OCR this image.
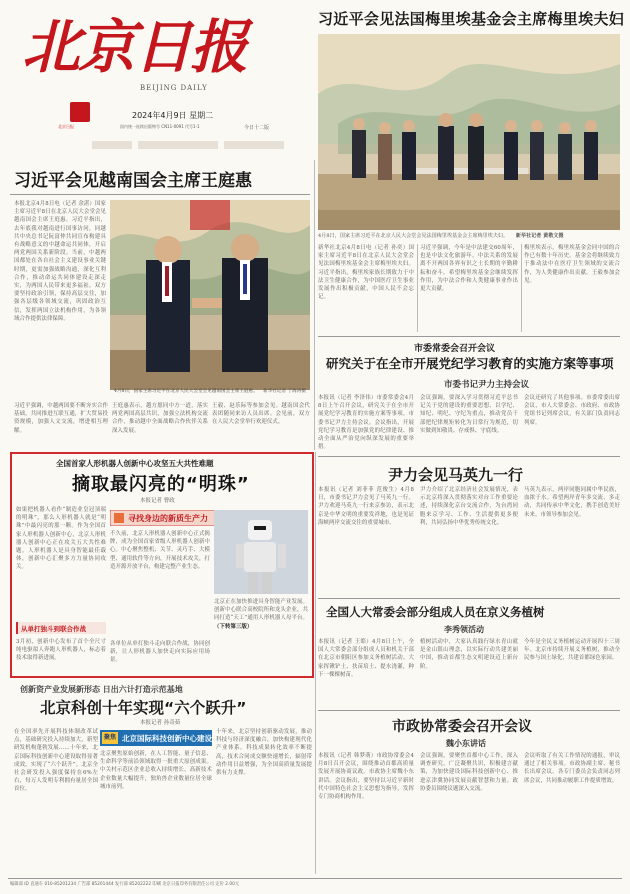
北京日报
BEIJING DAILY
北京日报
2024年4月9日 星期二
国内统一连续出版物号 CN11-0091 代号1-1	今日十二版
习近平会见法国梅里埃基金会主席梅里埃夫妇
4月8日，国家主席习近平在北京人民大会堂会见法国梅里埃基金会主席梅里埃夫妇。 新华社记者 黄敬文摄
习近平会见越南国会主席王庭惠
本报北京4月8日电（记者 余湛）国家主席习近平8日在北京人民大会堂会见越南国会主席王庭惠。习近平指出，去年底我对越南进行国事访问，同越共中央总书记阮富仲共同宣布构建具有战略意义的中越命运共同体，开启两党两国关系新阶段。当前，中越两国都处在各自社会主义建设事业关键时期，更需加强战略沟通，深化互利合作，推动命运共同体建设走深走实，为两国人民带来更多福祉。双方要坚持政治引领，保持高层交往，加强各层级各领域交流，巩固政治互信，发挥两国立法机构作用，为各领域合作提供法律保障。
4月8日，国家主席习近平在北京人民大会堂会见越南国会主席王庭惠。 新华社记者 丁海涛摄
习近平强调，中越两国要不断夯实合作基础，共同推进互联互通，扩大贸易投资规模，加强人文交流，增进相互理解。
王庭惠表示，越方愿同中方一道，落实两党两国高层共识，加强立法机构交流合作，推动越中全面战略合作伙伴关系深入发展。
王毅、赵乐际等参加会见。越南国会代表团随同来访人员出席。会见前，双方在人民大会堂举行欢迎仪式。
新华社北京4月8日电（记者 孙奕）国家主席习近平8日在北京人民大会堂会见法国梅里埃基金会主席梅里埃夫妇。习近平指出，梅里埃家族长期致力于中法卫生健康合作，为中国医疗卫生事业发展作出积极贡献，中国人民不会忘记。
习近平强调，今年是中法建交60周年，也是中法文化旅游年。中法关系的发展离不开两国各界有识之士长期的辛勤耕耘和奋斗。希望梅里埃基金会继续发挥作用，为中法合作和人类健康事业作出更大贡献。
梅里埃表示，梅里埃基金会同中国的合作已有数十年历史。基金会将继续致力于推动法中在医疗卫生领域的交流合作，为人类健康作出贡献。王毅参加会见。
市委常委会召开会议
研究关于在全市开展党纪学习教育的实施方案等事项
市委书记尹力主持会议
本报讯（记者 李泽伟）市委常委会4月8日上午召开会议，研究关于在全市开展党纪学习教育的实施方案等事项。市委书记尹力主持会议。会议指出，开展党纪学习教育是加强党的纪律建设、推动全面从严治党向纵深发展的重要举措。
会议强调，要深入学习贯彻习近平总书记关于党的建设的重要思想，以学纪、知纪、明纪、守纪为重点，推动党员干部把纪律规矩转化为日常行为规范，切实做到知敬畏、存戒惧、守底线。
会议还研究了其他事项。市委常委出席会议，市人大常委会、市政府、市政协党组书记列席会议，有关部门负责同志列席。
全国首家人形机器人创新中心攻坚五大共性难题
摘取最闪亮的“明珠”
本报记者 曹政
如果把机器人看作“制造业皇冠顶端的明珠”，那么人形机器人就是“明珠”中最闪亮的那一颗。作为全国首家人形机器人创新中心，北京人形机器人创新中心正在攻关五大共性难题。人形机器人是具身智能最佳载体，创新中心汇聚多方力量协同攻关。
寻找身边的新质生产力
不久前，北京人形机器人创新中心正式揭牌，成为全国首家省级人形机器人创新中心。中心聚焦整机、关节、灵巧手、大模型、通用软件等方向，开展技术攻关，打造开源开放平台，构建完整产业生态。
北京正在加快推进具身智能产业发展。创新中心联合高校院所和龙头企业，共同打造“天工”通用人形机器人母平台。 （下转第三版）
从单打独斗到联合作战
3月初，创新中心发布了首个全尺寸纯电驱拟人奔跑人形机器人，标志着技术取得新进展。
各单位从单打独斗走向联合作战，协同创新，让人形机器人加快走向实际应用场景。
尹力会见马英九一行
本报讯（记者 刘菲菲 范俊生）4月8日，市委书记尹力会见了马英九一行。尹力欢迎马英九一行来京参访，表示北京是中华文明的重要发祥地，也是见证海峡两岸交流交往的重要城市。
尹力介绍了北京经济社会发展情况，表示北京将深入贯彻落实对台工作重要论述，持续深化京台交流合作，为台湾同胞来京学习、工作、生活提供更多便利，共同弘扬中华优秀传统文化。
马英九表示，两岸同胞同属中华民族，血浓于水。希望两岸青年多交流、多走动，共同传承中华文化，携手创造美好未来。市领导参加会见。
全国人大常委会部分组成人员在京义务植树
李秀领活动
本报讯（记者 王皓）4月8日上午，全国人大常委会部分组成人员和机关干部在北京市朝阳区参加义务植树活动。大家挥锹铲土、扶苗培土、提水浇灌，种下一棵棵树苗。
植树活动中，大家认真践行绿水青山就是金山银山理念，以实际行动共建美丽中国，推动首都生态文明建设迈上新台阶。
今年是全民义务植树运动开展四十三周年。北京市持续开展义务植树，推动全民参与国土绿化，共建首都绿色家园。
市政协常委会召开会议
魏小东讲话
本报讯（记者 韩梦萌）市政协常委会4月8日召开会议，围绕推动首都高质量发展开展协商议政。市政协主席魏小东讲话。会议指出，要坚持以习近平新时代中国特色社会主义思想为指导，发挥专门协商机构作用。
会议强调，要聚焦首都中心工作，深入调查研究，广泛凝聚共识，积极建言献策，为加快建设国际科技创新中心、推进京津冀协同发展贡献智慧和力量。政协委员围绕议题深入交流。
会议听取了有关工作情况的通报，审议通过了相关事项。市政协副主席、秘书长出席会议。各专门委员会负责同志列席会议，共同推动履职工作提质增效。
创新资产业发展新形态 日出六计打造示范基地
北京科创十年实现“六个跃升”
本报记者 孙奇茹
在全国率先开展科技体制改革试点，基础研究投入持续加大，新型研发机构蓬勃发展……十年来，北京国际科技创新中心建设取得显著成效，实现了“六个跃升”。北京全社会研发投入强度保持在6%左右，每万人发明专利拥有量居全国首位。
聚焦 北京国际科技创新中心建设
北京聚焦原始创新，在人工智能、量子信息、生命科学等前沿领域取得一批重大原创成果。中关村示范区企业总收入持续增长，高新技术企业数量大幅提升，独角兽企业数量位居全球城市前列。
十年来，北京坚持创新驱动发展，推动科技与经济深度融合，加快构建现代化产业体系。科技成果转化效率不断提高，技术合同成交额快速增长，辐射带动作用日益增强，为全国高质量发展提供有力支撑。
编辑部 ID 直通车 010-85201234 广告部 85201444 发行部 85202222 印刷 北京日报印务有限责任公司 定价 2.00元
